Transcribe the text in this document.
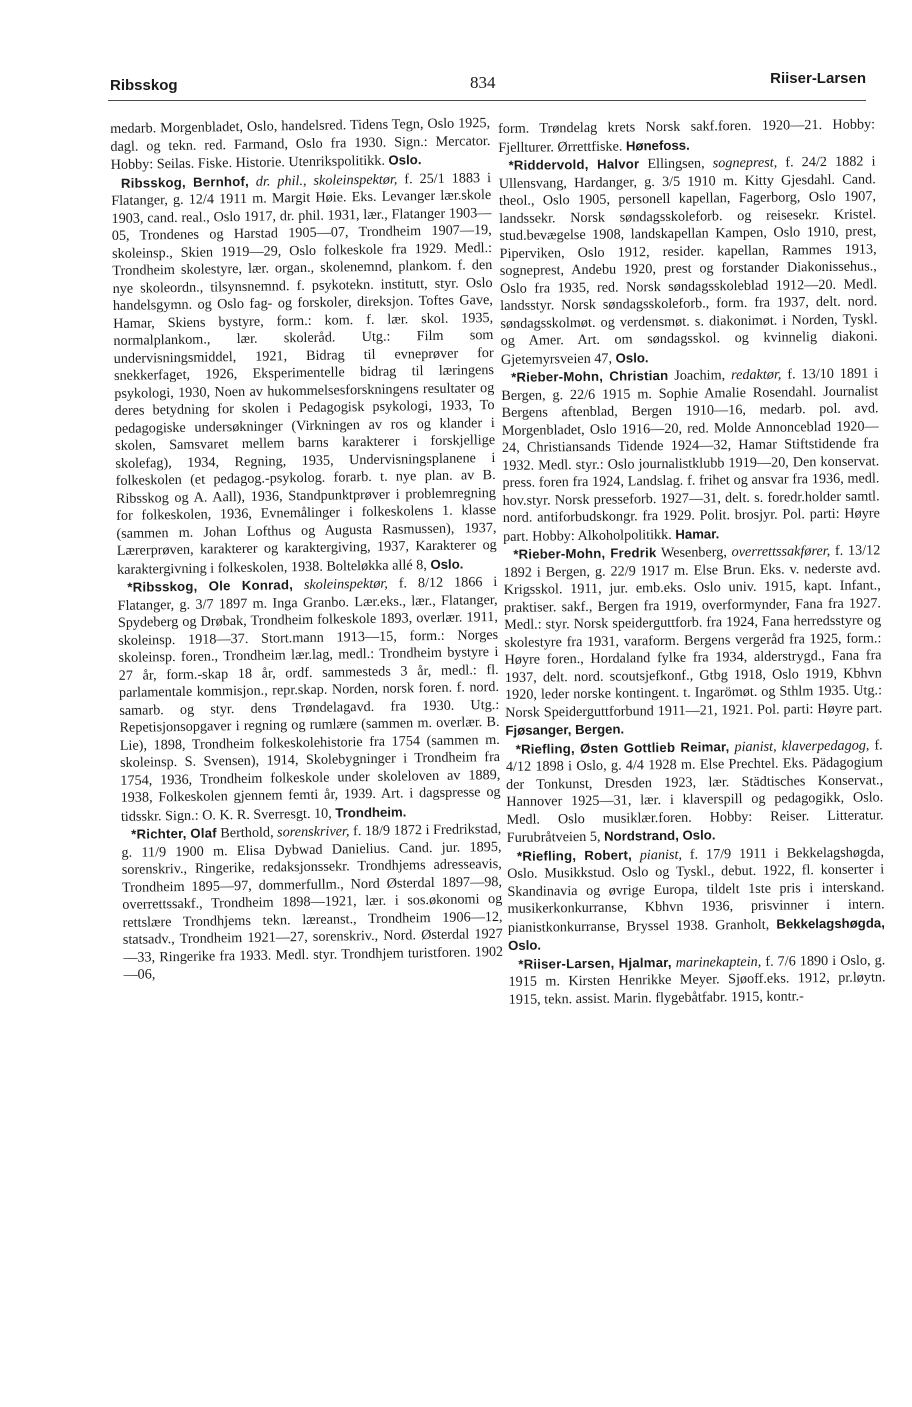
Ribsskog	834	Riiser-Larsen

medarb. Morgenbladet, Oslo, handelsred. Tidens Tegn, Oslo 1925, dagl. og tekn. red. Farmand, Oslo fra 1930. Sign.: Mercator. Hobby: Seilas. Fiske. Historie. Utenrikspolitikk. Oslo.

Ribsskog, Bernhof, dr. phil., skoleinspektør, f. 25/1 1883 i Flatanger, g. 12/4 1911 m. Margit Høie. Eks. Levanger lær.skole 1903, cand. real., Oslo 1917, dr. phil. 1931, lær., Flatanger 1903—05, Trondenes og Harstad 1905—07, Trondheim 1907—19, skoleinsp., Skien 1919—29, Oslo folkeskole fra 1929. Medl.: Trondheim skolestyre, lær. organ., skolenemnd, plankom. f. den nye skoleordn., tilsynsnemnd. f. psykotekn. institutt, styr. Oslo handelsgymn. og Oslo fag- og forskoler, direksjon. Toftes Gave, Hamar, Skiens bystyre, form.: kom. f. lær. skol. 1935, normalplankom., lær. skoleråd. Utg.: Film som undervisningsmiddel, 1921, Bidrag til evneprøver for snekkerfaget, 1926, Eksperimentelle bidrag til læringens psykologi, 1930, Noen av hukommelsesforskningens resultater og deres betydning for skolen i Pedagogisk psykologi, 1933, To pedagogiske undersøkninger (Virkningen av ros og klander i skolen, Samsvaret mellem barns karakterer i forskjellige skolefag), 1934, Regning, 1935, Undervisningsplanene i folkeskolen (et pedagog.-psykolog. forarb. t. nye plan. av B. Ribsskog og A. Aall), 1936, Standpunktprøver i problemregning for folkeskolen, 1936, Evnemålinger i folkeskolens 1. klasse (sammen m. Johan Lofthus og Augusta Rasmussen), 1937, Lærerprøven, karakterer og karaktergiving, 1937, Karakterer og karaktergivning i folkeskolen, 1938. Bolteløkka allé 8, Oslo.

*Ribsskog, Ole Konrad, skoleinspektør, f. 8/12 1866 i Flatanger, g. 3/7 1897 m. Inga Granbo. Lær.eks., lær., Flatanger, Spydeberg og Drøbak, Trondheim folkeskole 1893, overlær. 1911, skoleinsp. 1918—37. Stort.mann 1913—15, form.: Norges skoleinsp. foren., Trondheim lær.lag, medl.: Trondheim bystyre i 27 år, form.-skap 18 år, ordf. sammesteds 3 år, medl.: fl. parlamentale kommisjon., repr.skap. Norden, norsk foren. f. nord. samarb. og styr. dens Trøndelagavd. fra 1930. Utg.: Repetisjonsopgaver i regning og rumlære (sammen m. overlær. B. Lie), 1898, Trondheim folkeskolehistorie fra 1754 (sammen m. skoleinsp. S. Svensen), 1914, Skolebygninger i Trondheim fra 1754, 1936, Trondheim folkeskole under skoleloven av 1889, 1938, Folkeskolen gjennem femti år, 1939. Art. i dagspresse og tidsskr. Sign.: O. K. R. Sverresgt. 10, Trondheim.

*Richter, Olaf Berthold, sorenskriver, f. 18/9 1872 i Fredrikstad, g. 11/9 1900 m. Elisa Dybwad Danielius. Cand. jur. 1895, sorenskriv., Ringerike, redaksjonssekr. Trondhjems adresseavis, Trondheim 1895—97, dommerfullm., Nord Østerdal 1897—98, overrettssakf., Trondheim 1898—1921, lær. i sos.økonomi og rettslære Trondhjems tekn. læreanst., Trondheim 1906—12, statsadv., Trondheim 1921—27, sorenskriv., Nord. Østerdal 1927—33, Ringerike fra 1933. Medl. styr. Trondhjem turistforen. 1902—06,

form. Trøndelag krets Norsk sakf.foren. 1920—21. Hobby: Fjellturer. Ørrettfiske. Hønefoss.

*Riddervold, Halvor Ellingsen, sogneprest, f. 24/2 1882 i Ullensvang, Hardanger, g. 3/5 1910 m. Kitty Gjesdahl. Cand. theol., Oslo 1905, personell kapellan, Fagerborg, Oslo 1907, landssekr. Norsk søndagsskoleforb. og reisesekr. Kristel. stud.bevægelse 1908, landskapellan Kampen, Oslo 1910, prest, Piperviken, Oslo 1912, resider. kapellan, Rammes 1913, sogneprest, Andebu 1920, prest og forstander Diakonissehus., Oslo fra 1935, red. Norsk søndagsskoleblad 1912—20. Medl. landsstyr. Norsk søndagsskoleforb., form. fra 1937, delt. nord. søndagsskolmøt. og verdensmøt. s. diakonimøt. i Norden, Tyskl. og Amer. Art. om søndagsskol. og kvinnelig diakoni. Gjetemyrsveien 47, Oslo.

*Rieber-Mohn, Christian Joachim, redaktør, f. 13/10 1891 i Bergen, g. 22/6 1915 m. Sophie Amalie Rosendahl. Journalist Bergens aftenblad, Bergen 1910—16, medarb. pol. avd. Morgenbladet, Oslo 1916—20, red. Molde Annonceblad 1920—24, Christiansands Tidende 1924—32, Hamar Stiftstidende fra 1932. Medl. styr.: Oslo journalistklubb 1919—20, Den konservat. press. foren fra 1924, Landslag. f. frihet og ansvar fra 1936, medl. hov.styr. Norsk presseforb. 1927—31, delt. s. foredr.holder samtl. nord. antiforbudskongr. fra 1929. Polit. brosjyr. Pol. parti: Høyre part. Hobby: Alkoholpolitikk. Hamar.

*Rieber-Mohn, Fredrik Wesenberg, overrettssakfører, f. 13/12 1892 i Bergen, g. 22/9 1917 m. Else Brun. Eks. v. nederste avd. Krigsskol. 1911, jur. emb.eks. Oslo univ. 1915, kapt. Infant., praktiser. sakf., Bergen fra 1919, overformynder, Fana fra 1927. Medl.: styr. Norsk speiderguttforb. fra 1924, Fana herredsstyre og skolestyre fra 1931, varaform. Bergens vergeråd fra 1925, form.: Høyre foren., Hordaland fylke fra 1934, alderstrygd., Fana fra 1937, delt. nord. scoutsjefkonf., Gtbg 1918, Oslo 1919, Kbhvn 1920, leder norske kontingent. t. Ingarömøt. og Sthlm 1935. Utg.: Norsk Speiderguttforbund 1911—21, 1921. Pol. parti: Høyre part. Fjøsanger, Bergen.

*Riefling, Østen Gottlieb Reimar, pianist, klaverpedagog, f. 4/12 1898 i Oslo, g. 4/4 1928 m. Else Prechtel. Eks. Pädagogium der Tonkunst, Dresden 1923, lær. Städtisches Konservat., Hannover 1925—31, lær. i klaverspill og pedagogikk, Oslo. Medl. Oslo musiklær.foren. Hobby: Reiser. Litteratur. Furubråtveien 5, Nordstrand, Oslo.

*Riefling, Robert, pianist, f. 17/9 1911 i Bekkelagshøgda, Oslo. Musikkstud. Oslo og Tyskl., debut. 1922, fl. konserter i Skandinavia og øvrige Europa, tildelt 1ste pris i interskand. musikerkonkurranse, Kbhvn 1936, prisvinner i intern. pianistkonkurranse, Bryssel 1938. Granholt, Bekkelagshøgda, Oslo.

*Riiser-Larsen, Hjalmar, marinekaptein, f. 7/6 1890 i Oslo, g. 1915 m. Kirsten Henrikke Meyer. Sjøoff.eks. 1912, pr.løytn. 1915, tekn. assist. Marin. flygebåtfabr. 1915, kontr.-
